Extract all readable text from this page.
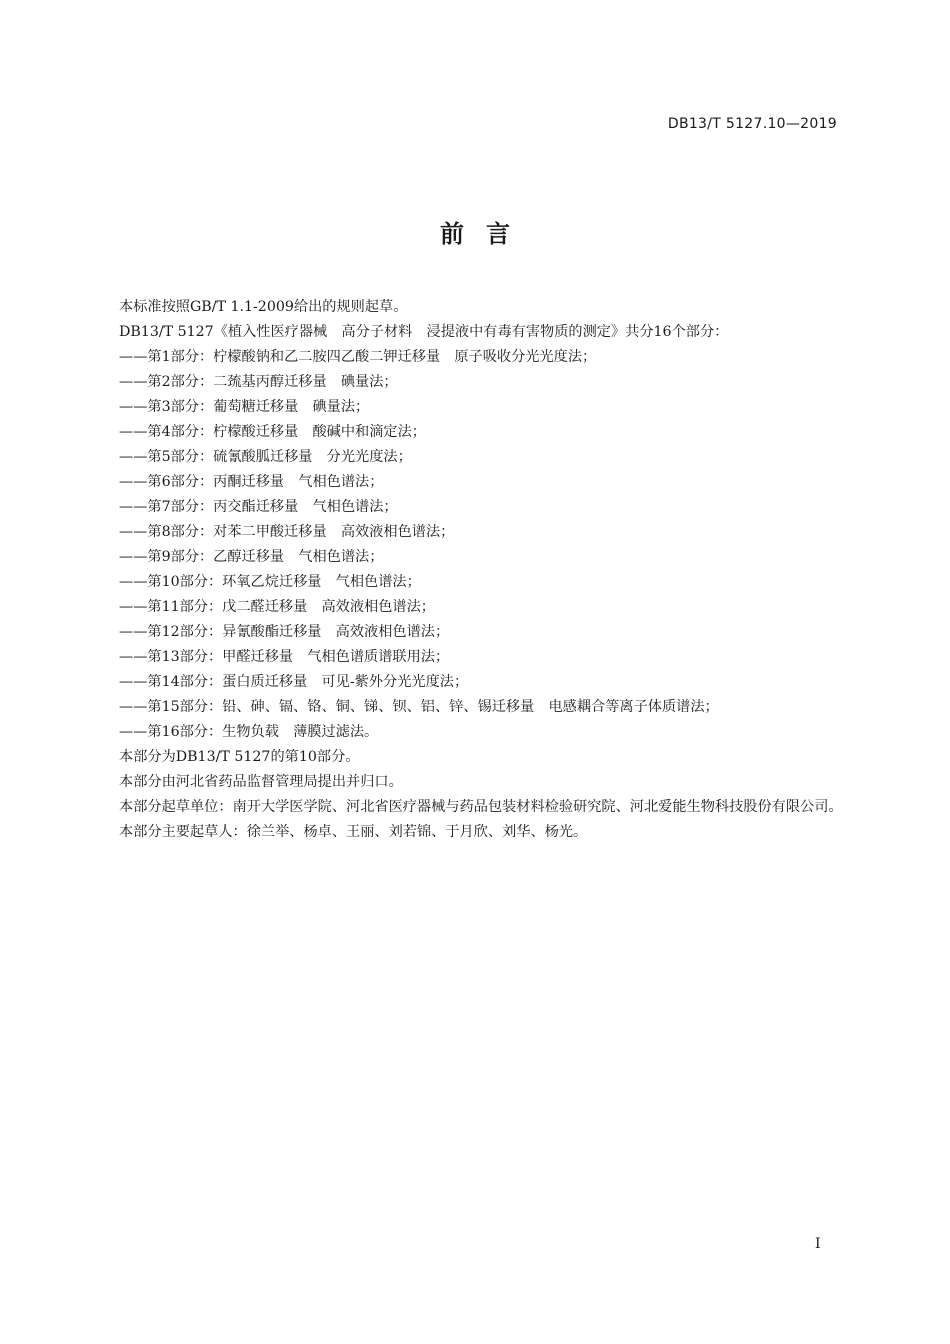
DB13/T 5127.10—2019
前言

本标准按照GB/T 1.1-2009给出的规则起草。

DB13/T 5127《植入性医疗器械　高分子材料　浸提液中有毒有害物质的测定》共分16个部分：

——第1部分：柠檬酸钠和乙二胺四乙酸二钾迁移量　原子吸收分光光度法；
——第2部分：二巯基丙醇迁移量　碘量法；
——第3部分：葡萄糖迁移量　碘量法；
——第4部分：柠檬酸迁移量　酸碱中和滴定法；
——第5部分：硫氰酸胍迁移量　分光光度法；
——第6部分：丙酮迁移量　气相色谱法；
——第7部分：丙交酯迁移量　气相色谱法；
——第8部分：对苯二甲酸迁移量　高效液相色谱法；
——第9部分：乙醇迁移量　气相色谱法；
——第10部分：环氧乙烷迁移量　气相色谱法；
——第11部分：戊二醛迁移量　高效液相色谱法；
——第12部分：异氰酸酯迁移量　高效液相色谱法；
——第13部分：甲醛迁移量　气相色谱质谱联用法；
——第14部分：蛋白质迁移量　可见-紫外分光光度法；
——第15部分：铅、砷、镉、铬、铜、锑、钡、铝、锌、锡迁移量　电感耦合等离子体质谱法；
——第16部分：生物负载　薄膜过滤法。

本部分为DB13/T 5127的第10部分。

本部分由河北省药品监督管理局提出并归口。

本部分起草单位：南开大学医学院、河北省医疗器械与药品包装材料检验研究院、河北爱能生物科技股份有限公司。

本部分主要起草人：徐兰举、杨卓、王丽、刘若锦、于月欣、刘华、杨光。

I
